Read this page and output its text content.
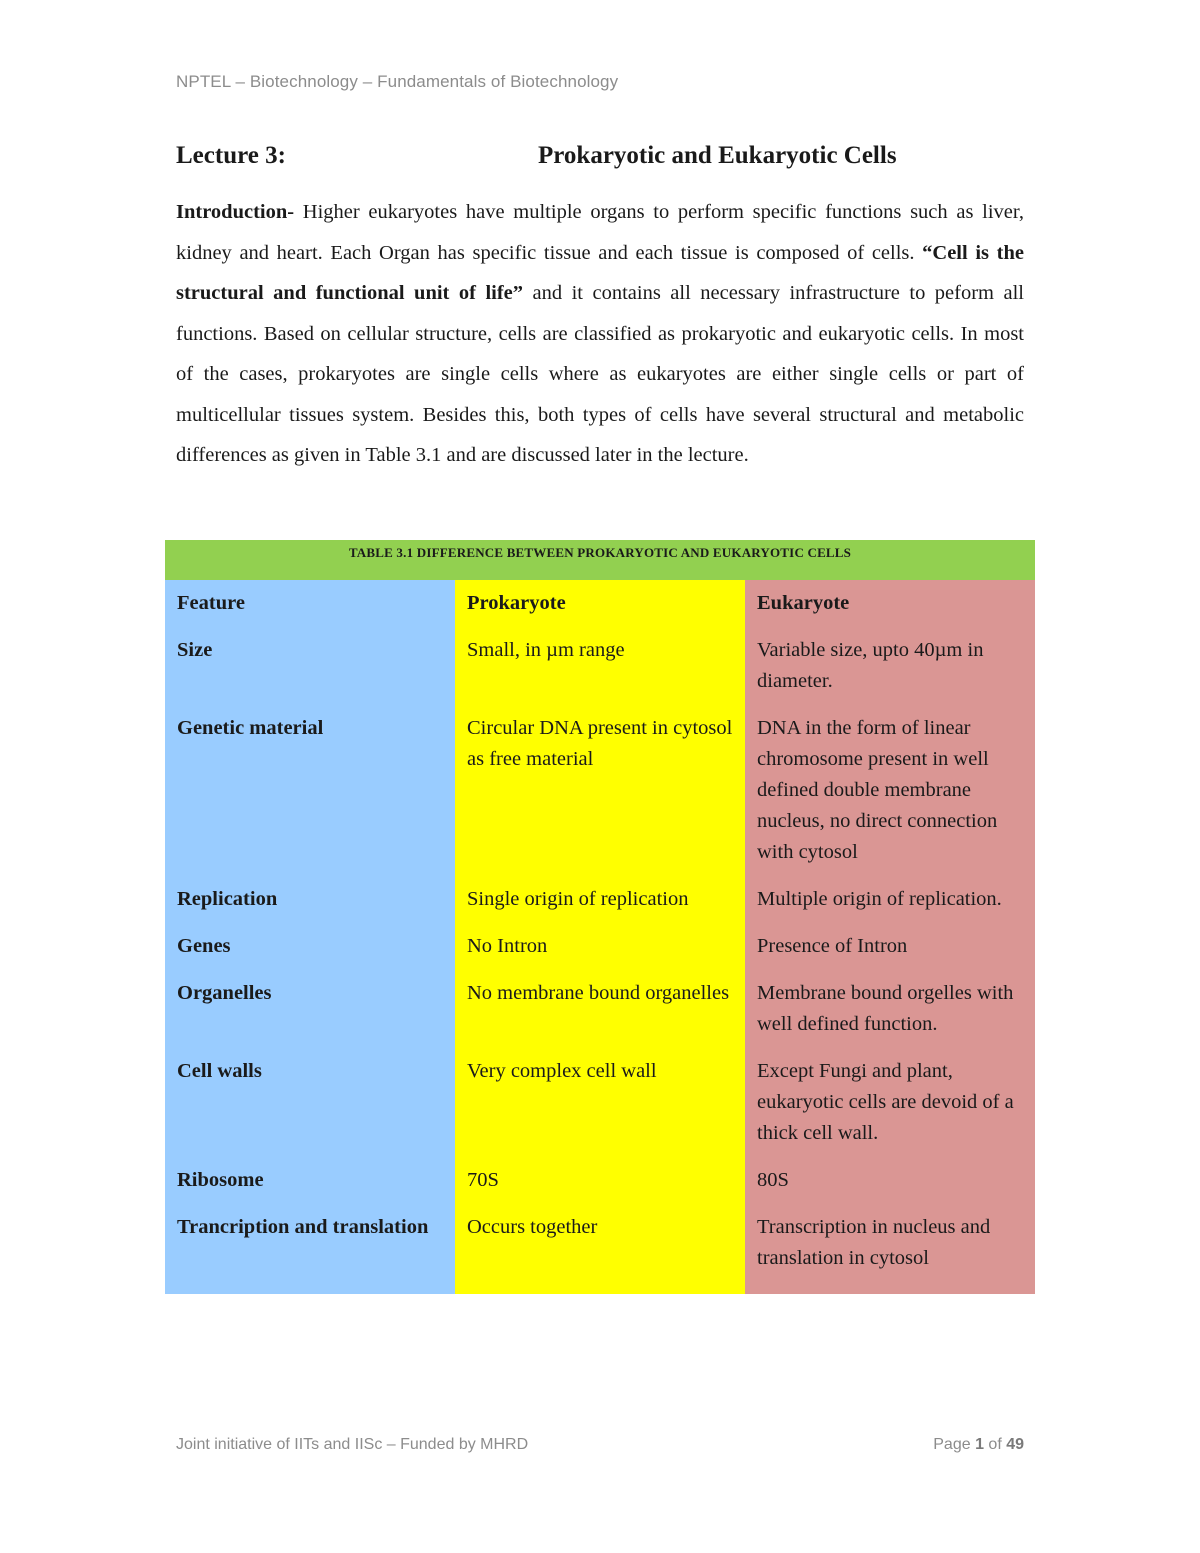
NPTEL – Biotechnology – Fundamentals of Biotechnology
Lecture 3:	Prokaryotic and Eukaryotic Cells
Introduction- Higher eukaryotes have multiple organs to perform specific functions such as liver, kidney and heart. Each Organ has specific tissue and each tissue is composed of cells. “Cell is the structural and functional unit of life” and it contains all necessary infrastructure to peform all functions. Based on cellular structure, cells are classified as prokaryotic and eukaryotic cells. In most of the cases, prokaryotes are single cells where as eukaryotes are either single cells or part of multicellular tissues system. Besides this, both types of cells have several structural and metabolic differences as given in Table 3.1 and are discussed later in the lecture.
TABLE 3.1 DIFFERENCE BETWEEN PROKARYOTIC AND EUKARYOTIC CELLS		
Feature	Prokaryote	Eukaryote
Size	Small, in µm range	Variable size, upto 40µm in diameter.
Genetic material	Circular DNA present in cytosol as free material	DNA in the form of linear chromosome present in well defined double membrane nucleus, no direct connection with cytosol
Replication	Single origin of replication	Multiple origin of replication.
Genes	No Intron	Presence of Intron
Organelles	No membrane bound organelles	Membrane bound orgelles with well defined function.
Cell walls	Very complex cell wall	Except Fungi and plant, eukaryotic cells are devoid of a thick cell wall.
Ribosome	70S	80S
Trancription and translation	Occurs together	Transcription in nucleus and translation in cytosol
Joint initiative of IITs and IISc – Funded by MHRD	Page 1 of 49
